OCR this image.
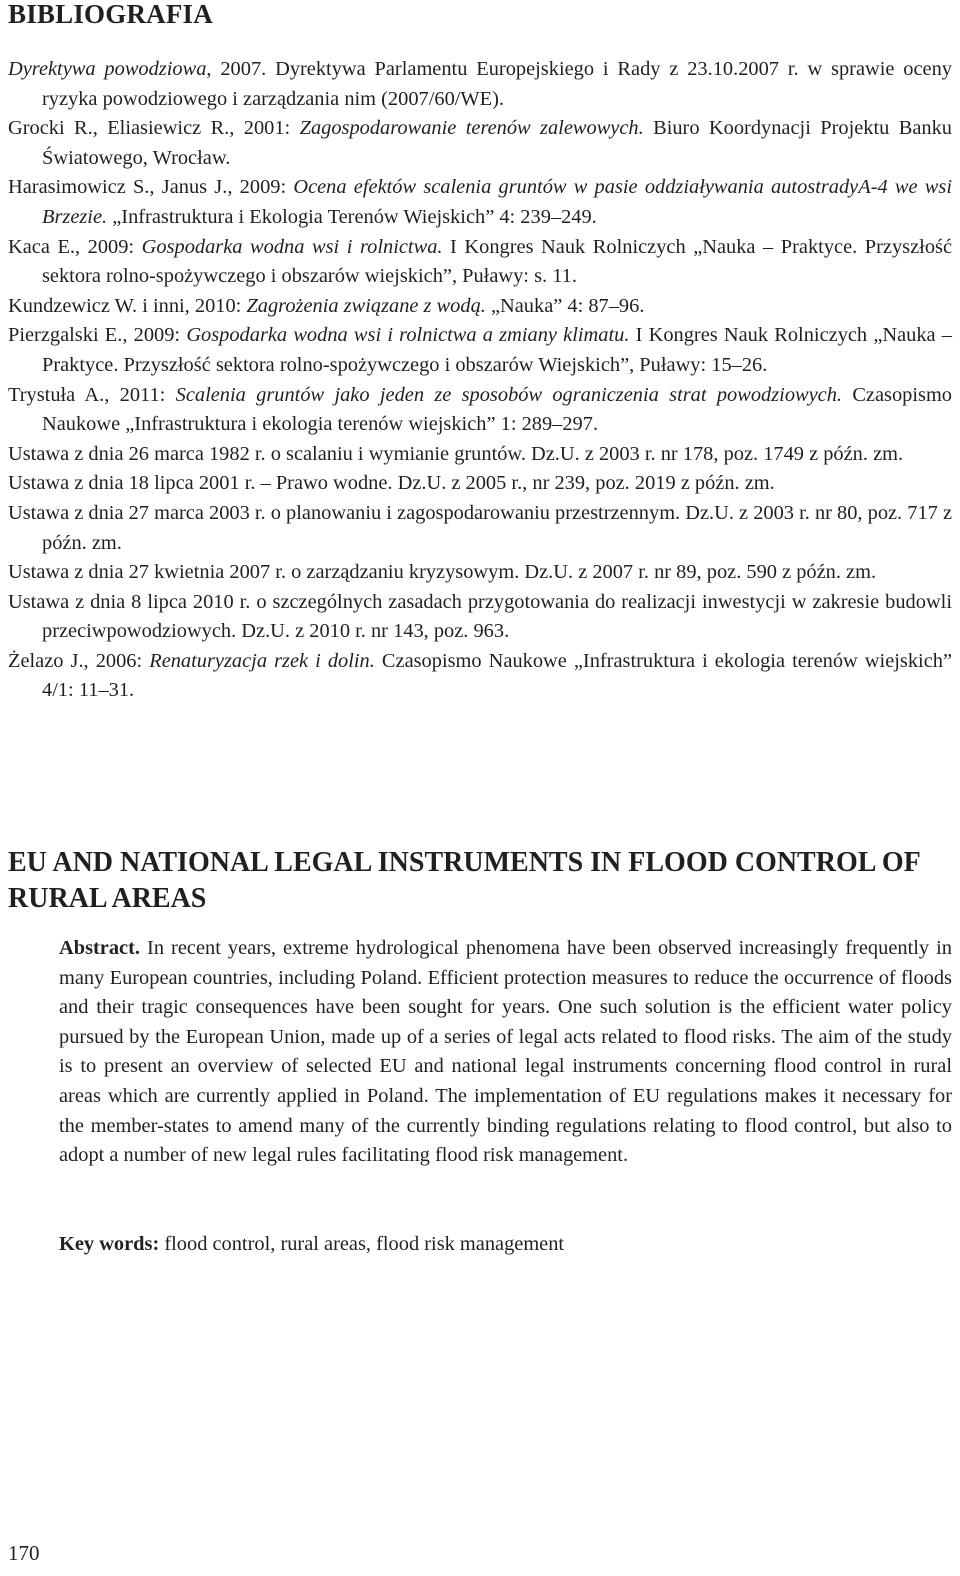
BIBLIOGRAFIA

Dyrektywa powodziowa, 2007. Dyrektywa Parlamentu Europejskiego i Rady z 23.10.2007 r. w sprawie oceny ryzyka powodziowego i zarządzania nim (2007/60/WE).

Grocki R., Eliasiewicz R., 2001: Zagospodarowanie terenów zalewowych. Biuro Koordynacji Projektu Banku Światowego, Wrocław.

Harasimowicz S., Janus J., 2009: Ocena efektów scalenia gruntów w pasie oddziaływania autostradyA-4 we wsi Brzezie. „Infrastruktura i Ekologia Terenów Wiejskich” 4: 239–249.

Kaca E., 2009: Gospodarka wodna wsi i rolnictwa. I Kongres Nauk Rolniczych „Nauka – Praktyce. Przyszłość sektora rolno-spożywczego i obszarów wiejskich”, Puławy: s. 11.

Kundzewicz W. i inni, 2010: Zagrożenia związane z wodą. „Nauka” 4: 87–96.

Pierzgalski E., 2009: Gospodarka wodna wsi i rolnictwa a zmiany klimatu. I Kongres Nauk Rolniczych „Nauka – Praktyce. Przyszłość sektora rolno-spożywczego i obszarów Wiejskich”, Puławy: 15–26.

Trystuła A., 2011: Scalenia gruntów jako jeden ze sposobów ograniczenia strat powodziowych. Czasopismo Naukowe „Infrastruktura i ekologia terenów wiejskich” 1: 289–297.

Ustawa z dnia 26 marca 1982 r. o scalaniu i wymianie gruntów. Dz.U. z 2003 r. nr 178, poz. 1749 z późn. zm.

Ustawa z dnia 18 lipca 2001 r. – Prawo wodne. Dz.U. z 2005 r., nr 239, poz. 2019 z późn. zm.

Ustawa z dnia 27 marca 2003 r. o planowaniu i zagospodarowaniu przestrzennym. Dz.U. z 2003 r. nr 80, poz. 717 z późn. zm.

Ustawa z dnia 27 kwietnia 2007 r. o zarządzaniu kryzysowym. Dz.U. z 2007 r. nr 89, poz. 590 z późn. zm.

Ustawa z dnia 8 lipca 2010 r. o szczególnych zasadach przygotowania do realizacji inwestycji w zakresie budowli przeciwpowodziowych. Dz.U. z 2010 r. nr 143, poz. 963.

Żelazo J., 2006: Renaturyzacja rzek i dolin. Czasopismo Naukowe „Infrastruktura i ekologia terenów wiejskich” 4/1: 11–31.

EU AND NATIONAL LEGAL INSTRUMENTS IN FLOOD CONTROL OF RURAL AREAS

Abstract. In recent years, extreme hydrological phenomena have been observed increasingly frequently in many European countries, including Poland. Efficient protection measures to reduce the occurrence of floods and their tragic consequences have been sought for years. One such solution is the efficient water policy pursued by the European Union, made up of a series of legal acts related to flood risks. The aim of the study is to present an overview of selected EU and national legal instruments concerning flood control in rural areas which are currently applied in Poland. The implementation of EU regulations makes it necessary for the member-states to amend many of the currently binding regulations relating to flood control, but also to adopt a number of new legal rules facilitating flood risk management.

Key words: flood control, rural areas, flood risk management

170
